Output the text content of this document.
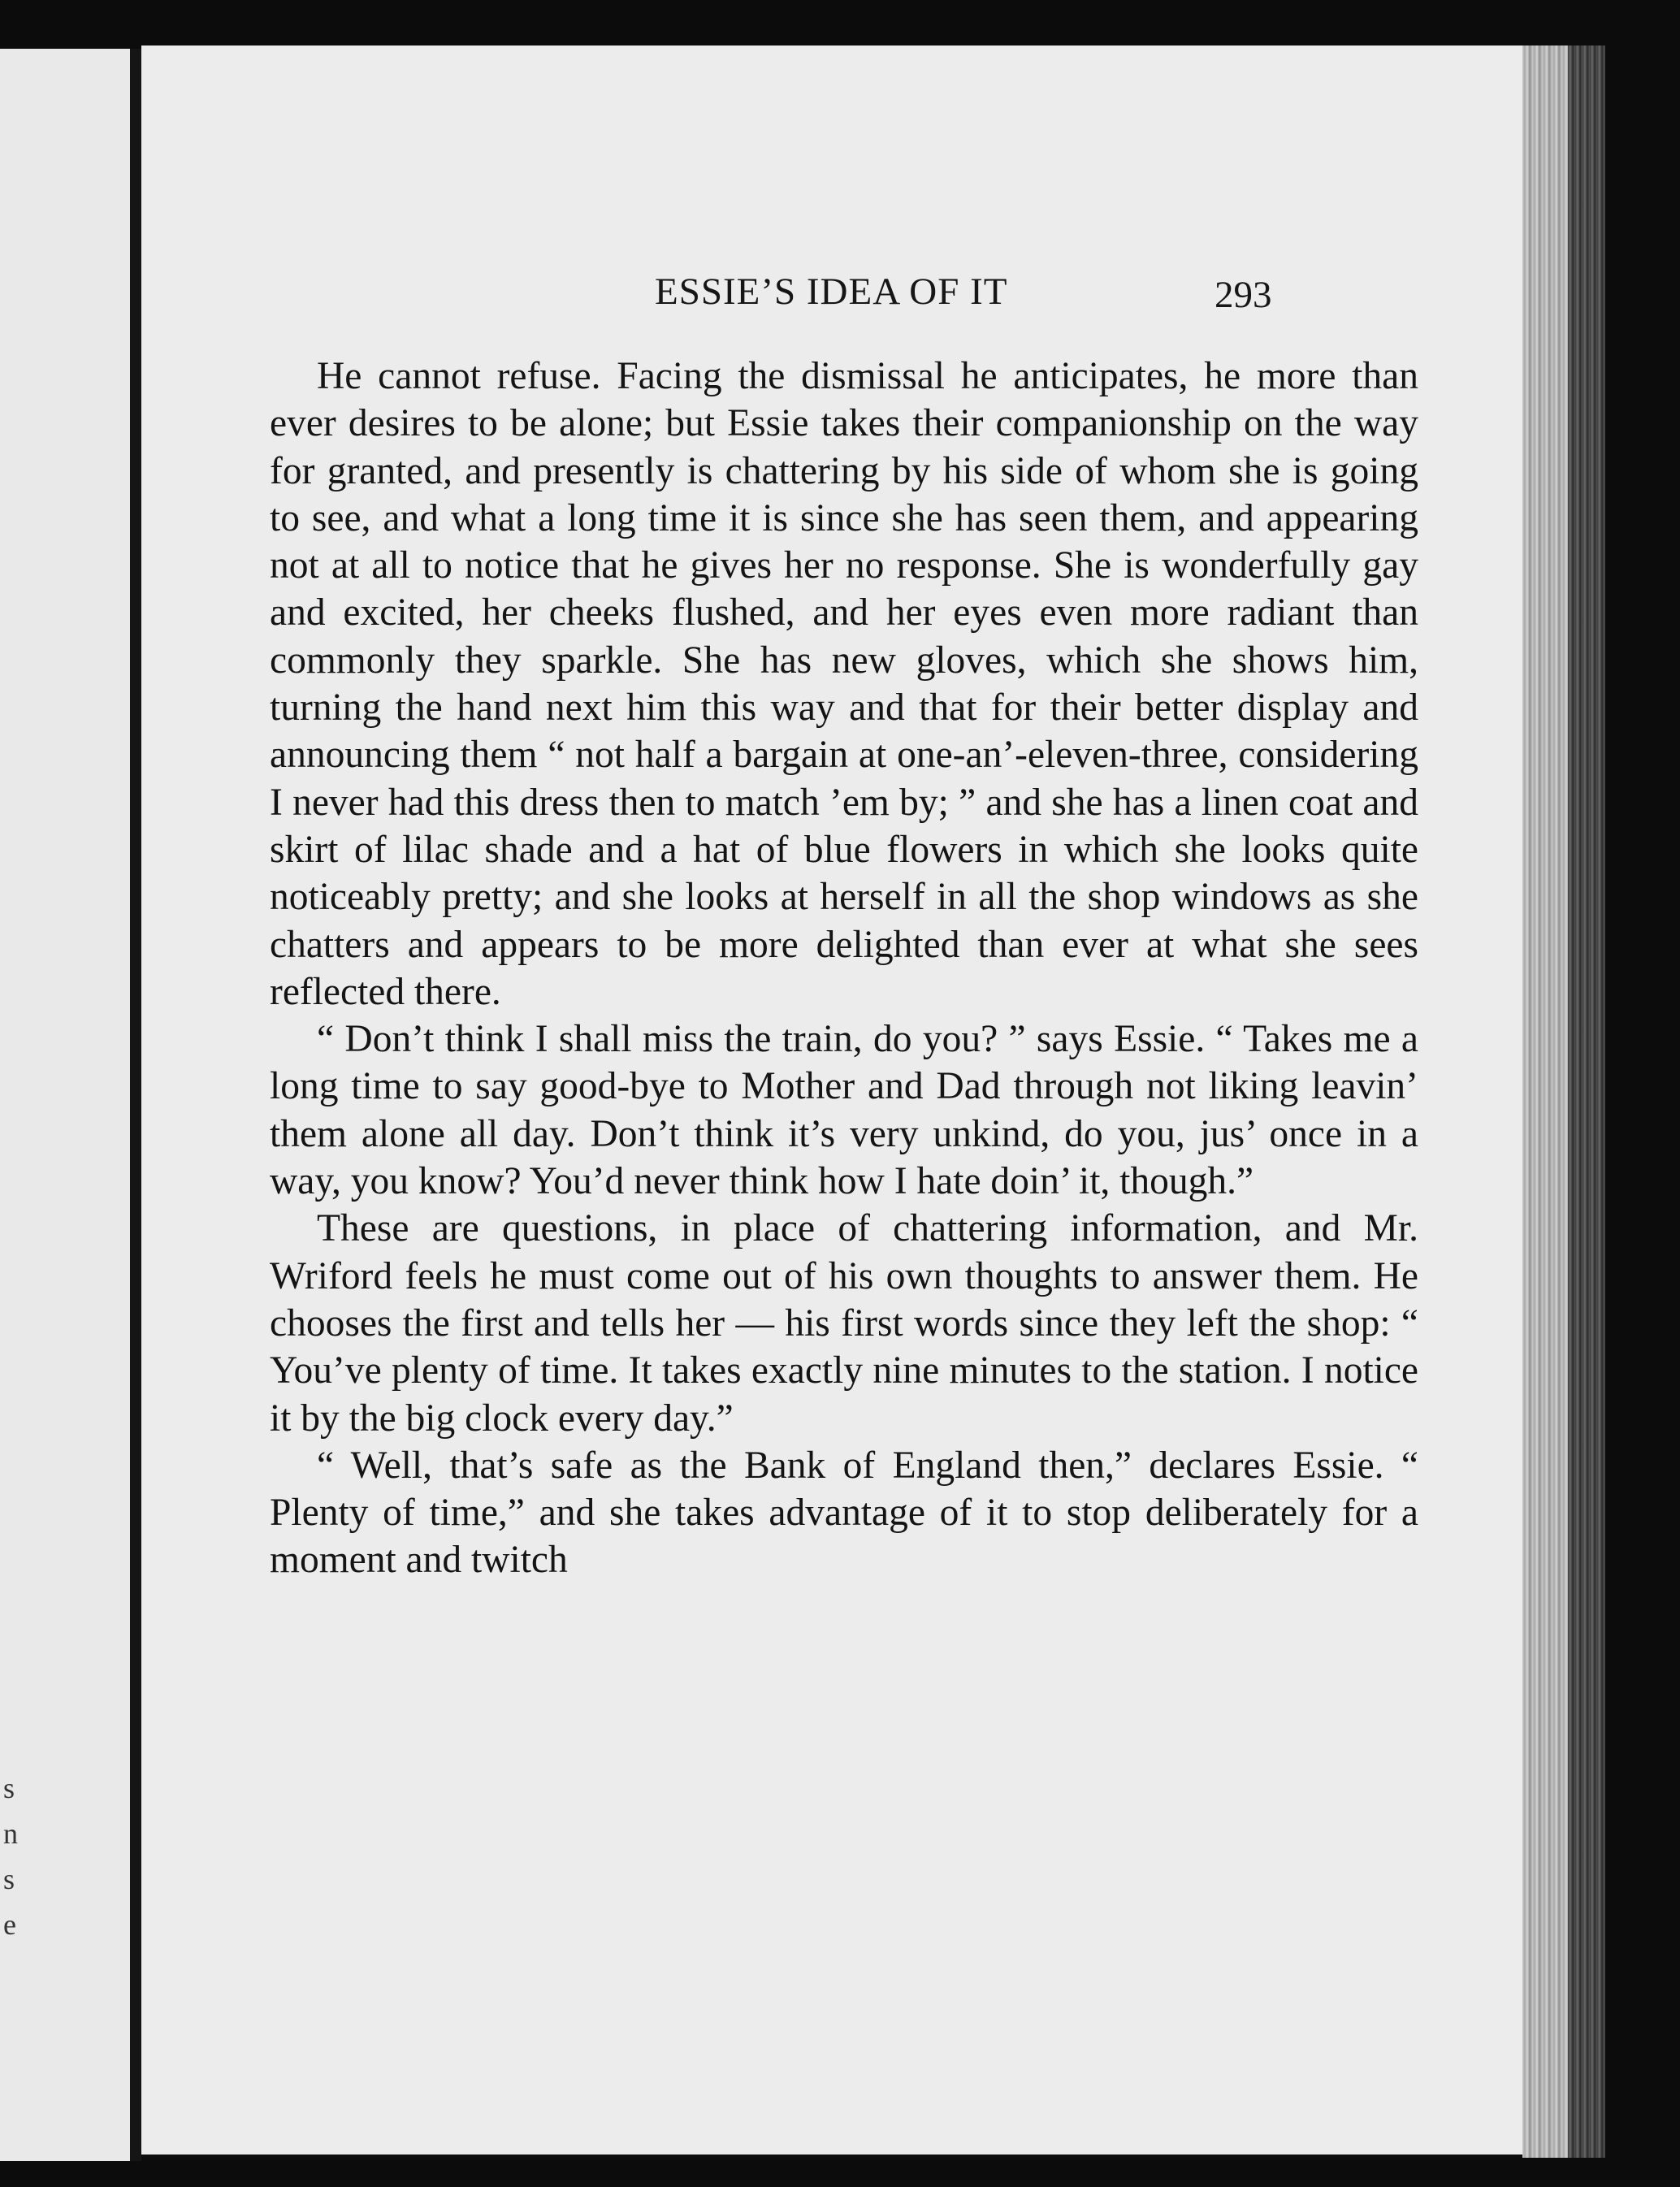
s
n
s
e
ESSIE’S IDEA OF IT	293

He cannot refuse. Facing the dismissal he anticipates, he more than ever desires to be alone; but Essie takes their companionship on the way for granted, and presently is chattering by his side of whom she is going to see, and what a long time it is since she has seen them, and appearing not at all to notice that he gives her no response. She is wonderfully gay and excited, her cheeks flushed, and her eyes even more radiant than commonly they sparkle. She has new gloves, which she shows him, turning the hand next him this way and that for their better display and announcing them “ not half a bargain at one-an’-eleven-three, considering I never had this dress then to match ’em by; ” and she has a linen coat and skirt of lilac shade and a hat of blue flowers in which she looks quite noticeably pretty; and she looks at herself in all the shop windows as she chatters and appears to be more delighted than ever at what she sees reflected there.

“ Don’t think I shall miss the train, do you? ” says Essie. “ Takes me a long time to say good-bye to Mother and Dad through not liking leavin’ them alone all day. Don’t think it’s very unkind, do you, jus’ once in a way, you know? You’d never think how I hate doin’ it, though.”

These are questions, in place of chattering information, and Mr. Wriford feels he must come out of his own thoughts to answer them. He chooses the first and tells her — his first words since they left the shop: “ You’ve plenty of time. It takes exactly nine minutes to the station. I notice it by the big clock every day.”

“ Well, that’s safe as the Bank of England then,” declares Essie. “ Plenty of time,” and she takes advantage of it to stop deliberately for a moment and twitch
